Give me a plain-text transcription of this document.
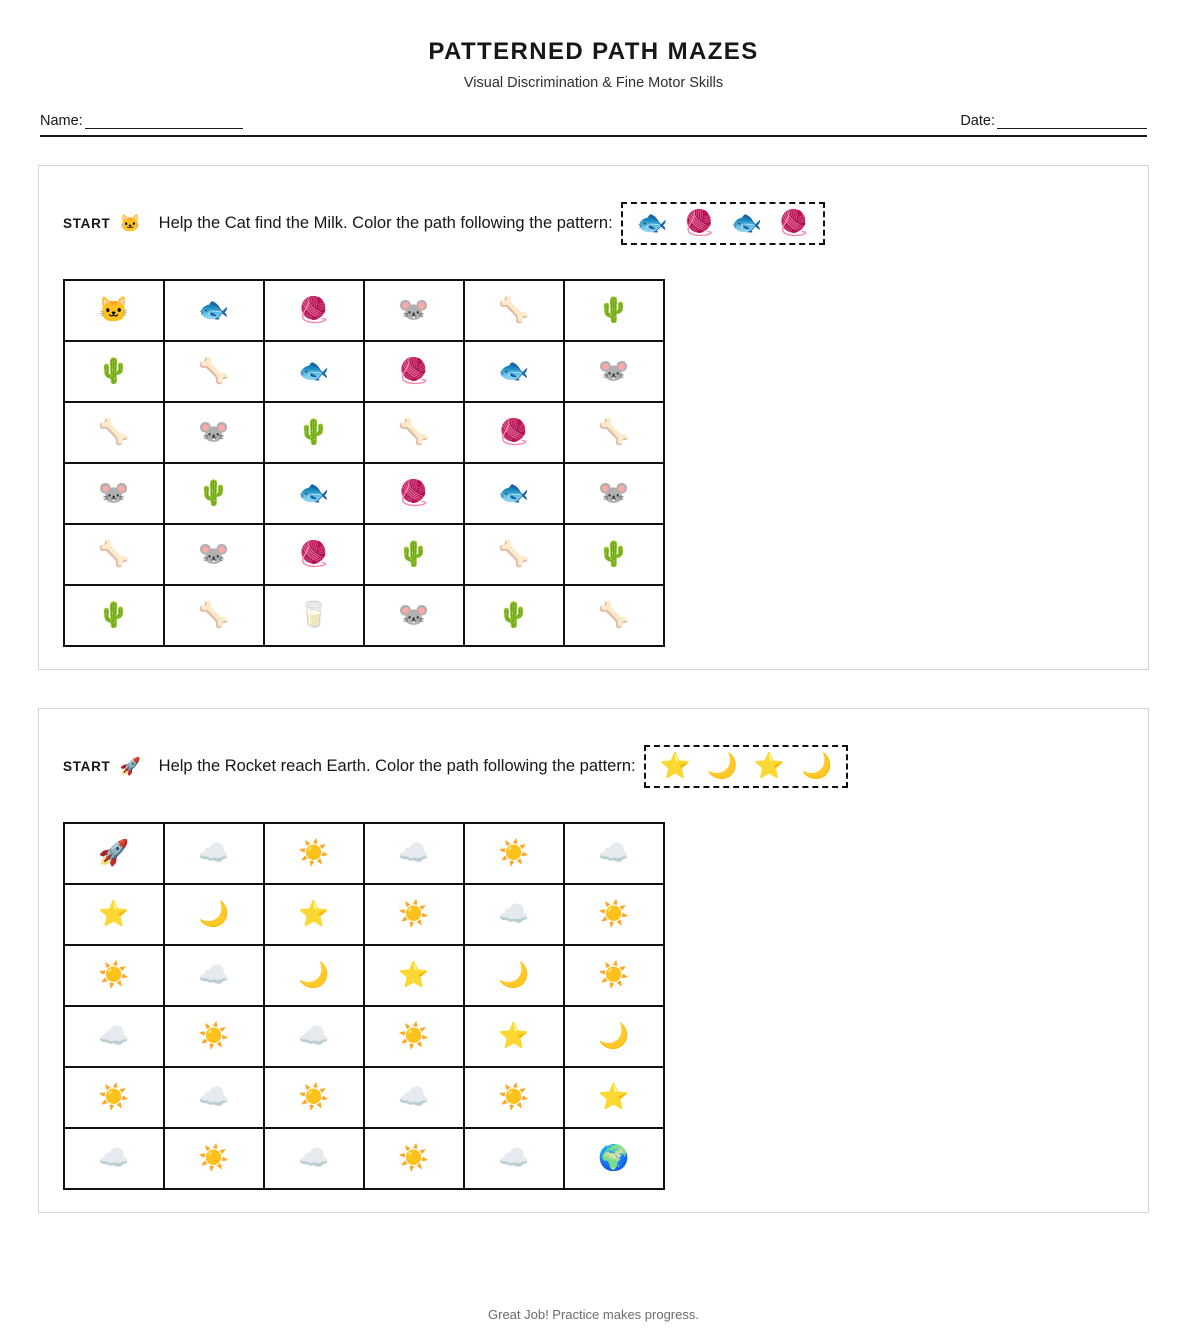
PATTERNED PATH MAZES

Visual Discrimination & Fine Motor Skills

Name:	Date:
START 🐱 Help the Cat find the Milk. Color the path following the pattern: 🐟 🧶 🐟 🧶
🐱	🐟	🧶	🐭	🦴	🌵
🌵	🦴	🐟	🧶	🐟	🐭
🦴	🐭	🌵	🦴	🧶	🦴
🐭	🌵	🐟	🧶	🐟	🐭
🦴	🐭	🧶	🌵	🦴	🌵
🌵	🦴	🥛	🐭	🌵	🦴
START 🚀 Help the Rocket reach Earth. Color the path following the pattern: ⭐ 🌙 ⭐ 🌙
🚀	☁️	☀️	☁️	☀️	☁️
⭐	🌙	⭐	☀️	☁️	☀️
☀️	☁️	🌙	⭐	🌙	☀️
☁️	☀️	☁️	☀️	⭐	🌙
☀️	☁️	☀️	☁️	☀️	⭐
☁️	☀️	☁️	☀️	☁️	🌍
Great Job! Practice makes progress.
